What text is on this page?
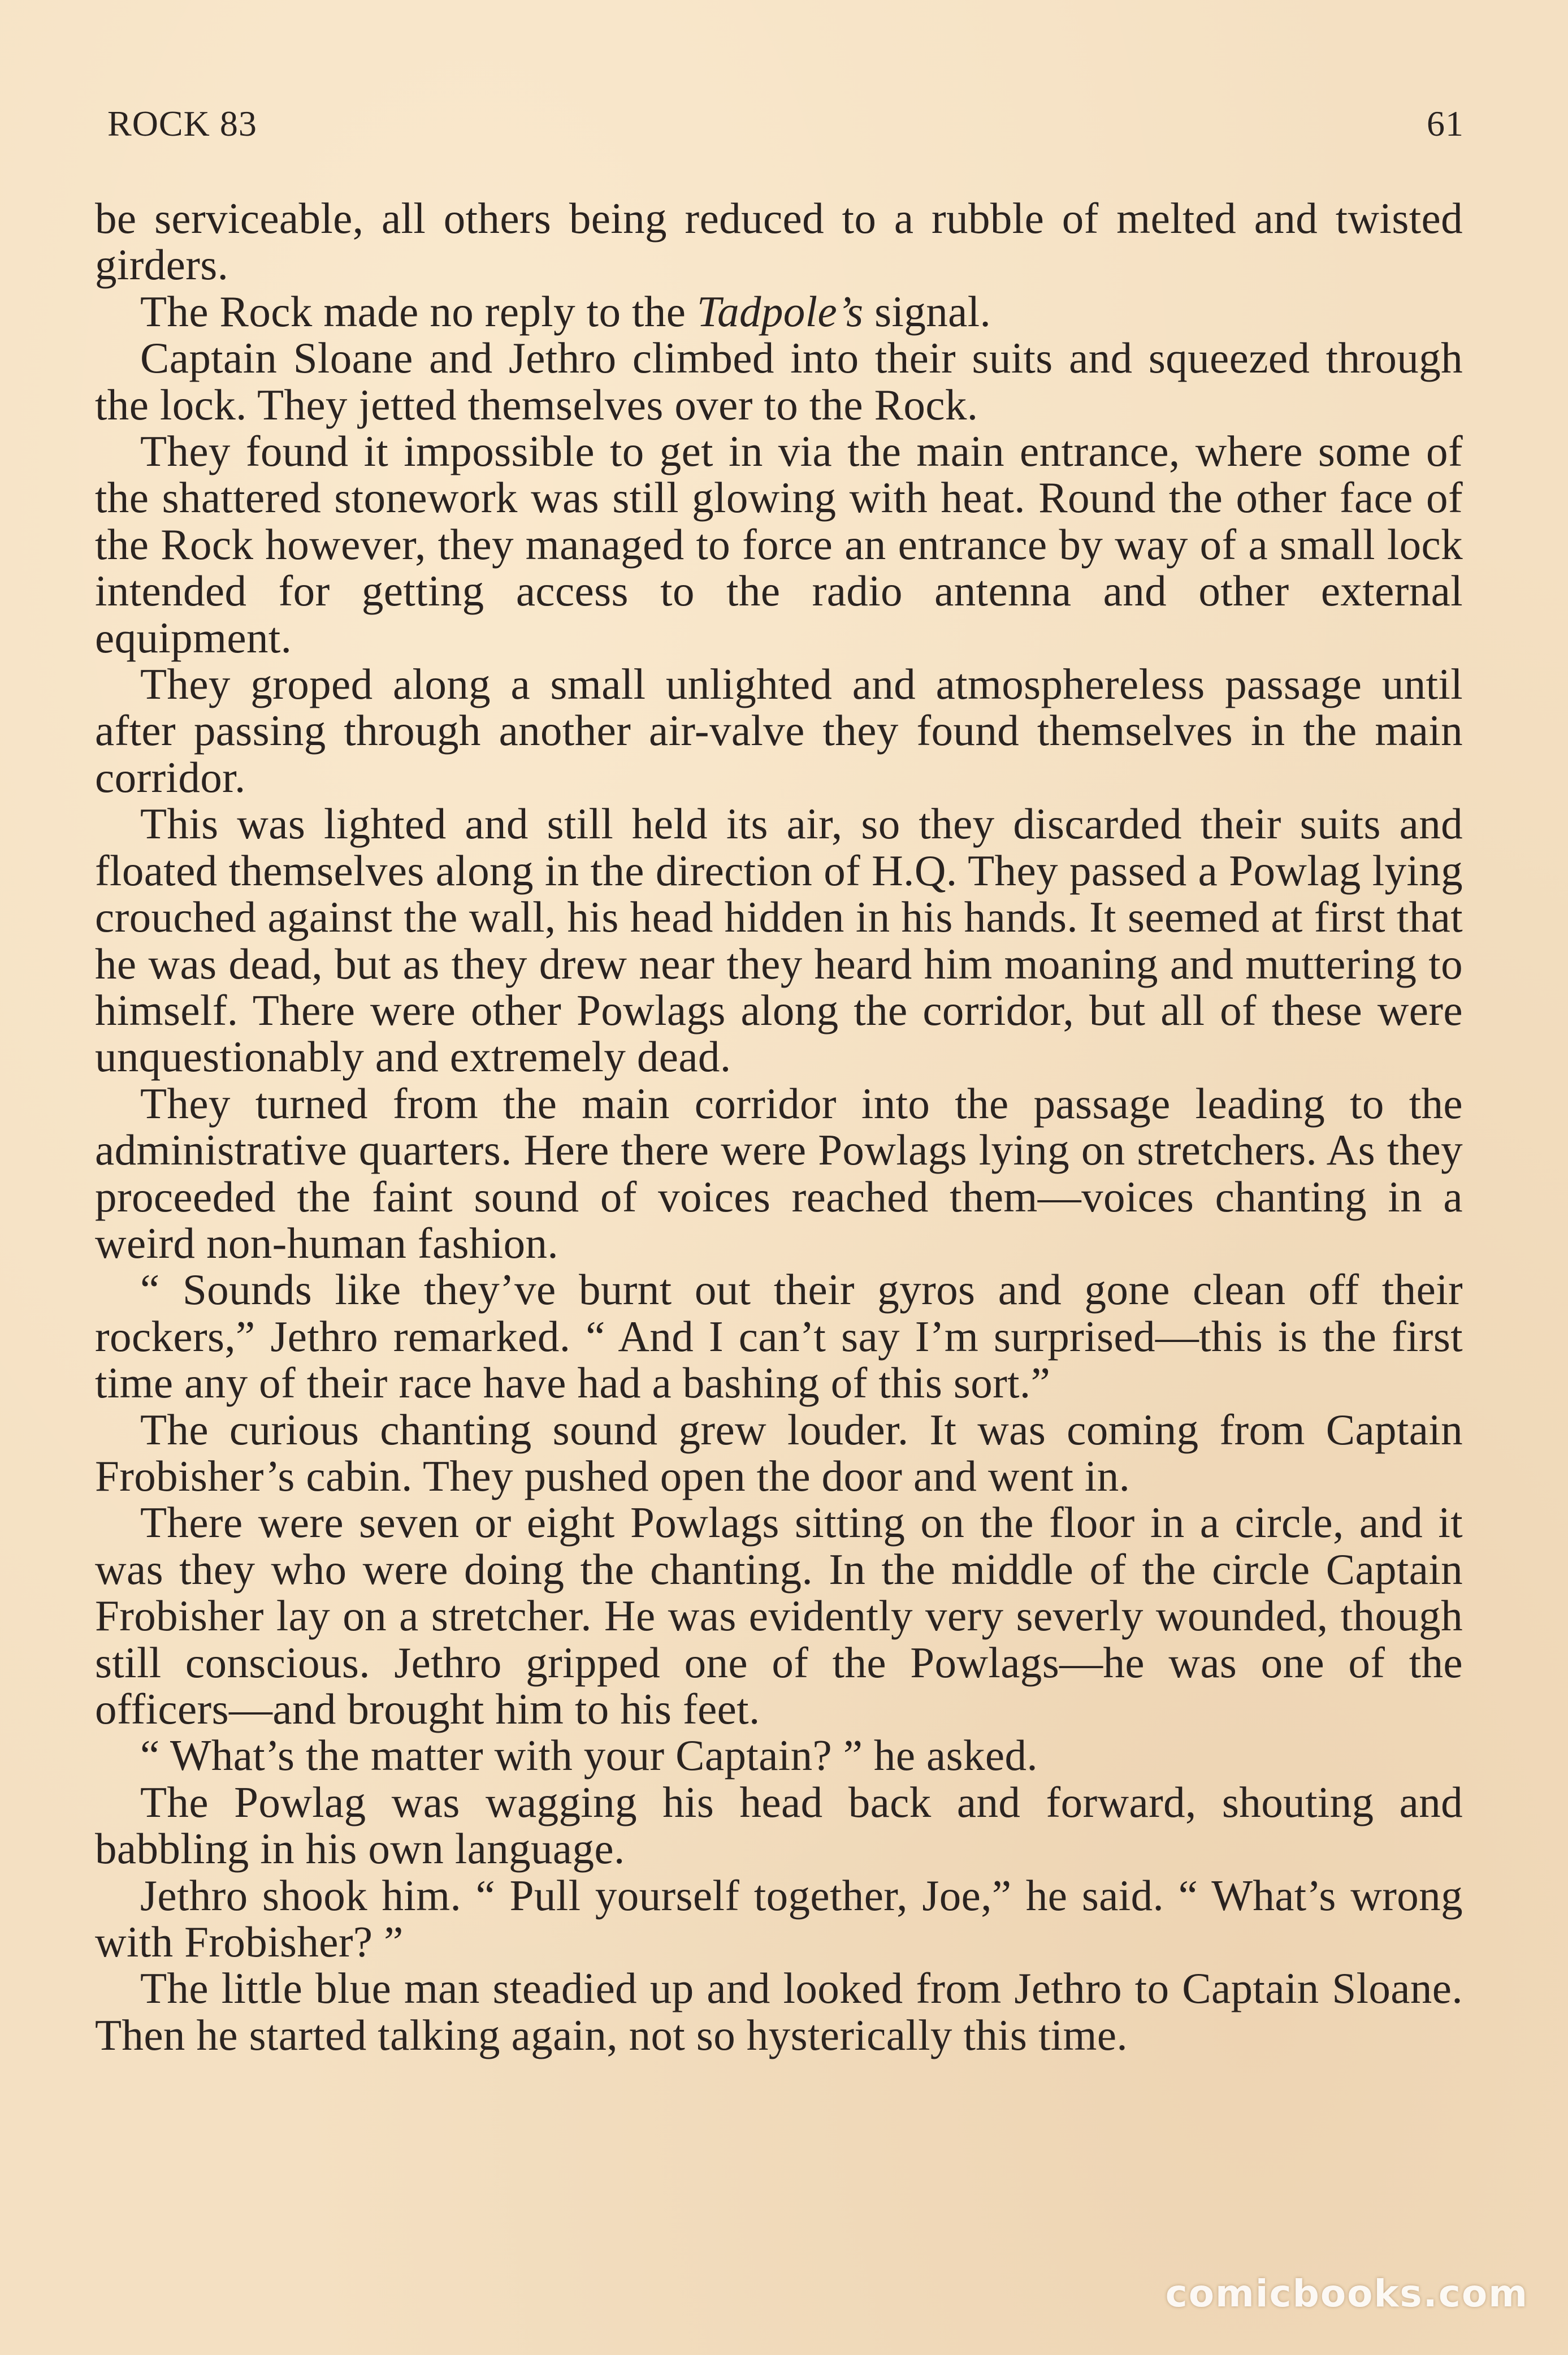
ROCK 83	61

be serviceable, all others being reduced to a rubble of melted and twisted girders.

The Rock made no reply to the Tadpole’s signal.

Captain Sloane and Jethro climbed into their suits and squeezed through the lock. They jetted themselves over to the Rock.

They found it impossible to get in via the main entrance, where some of the shattered stonework was still glowing with heat. Round the other face of the Rock however, they managed to force an entrance by way of a small lock intended for getting access to the radio antenna and other external equipment.

They groped along a small unlighted and atmosphereless passage until after passing through another air-valve they found themselves in the main corridor.

This was lighted and still held its air, so they discarded their suits and floated themselves along in the direction of H.Q. They passed a Powlag lying crouched against the wall, his head hidden in his hands. It seemed at first that he was dead, but as they drew near they heard him moaning and muttering to himself. There were other Powlags along the corridor, but all of these were unquestionably and extremely dead.

They turned from the main corridor into the passage leading to the administrative quarters. Here there were Powlags lying on stretchers. As they proceeded the faint sound of voices reached them—voices chanting in a weird non-human fashion.

“ Sounds like they’ve burnt out their gyros and gone clean off their rockers,” Jethro remarked. “ And I can’t say I’m surprised—this is the first time any of their race have had a bashing of this sort.”

The curious chanting sound grew louder. It was coming from Captain Frobisher’s cabin. They pushed open the door and went in.

There were seven or eight Powlags sitting on the floor in a circle, and it was they who were doing the chanting. In the middle of the circle Captain Frobisher lay on a stretcher. He was evidently very severly wounded, though still conscious. Jethro gripped one of the Powlags—he was one of the officers—and brought him to his feet.

“ What’s the matter with your Captain? ” he asked.

The Powlag was wagging his head back and forward, shouting and babbling in his own language.

Jethro shook him. “ Pull yourself together, Joe,” he said. “ What’s wrong with Frobisher? ”

The little blue man steadied up and looked from Jethro to Captain Sloane. Then he started talking again, not so hysterically this time.

comicbooks.com
